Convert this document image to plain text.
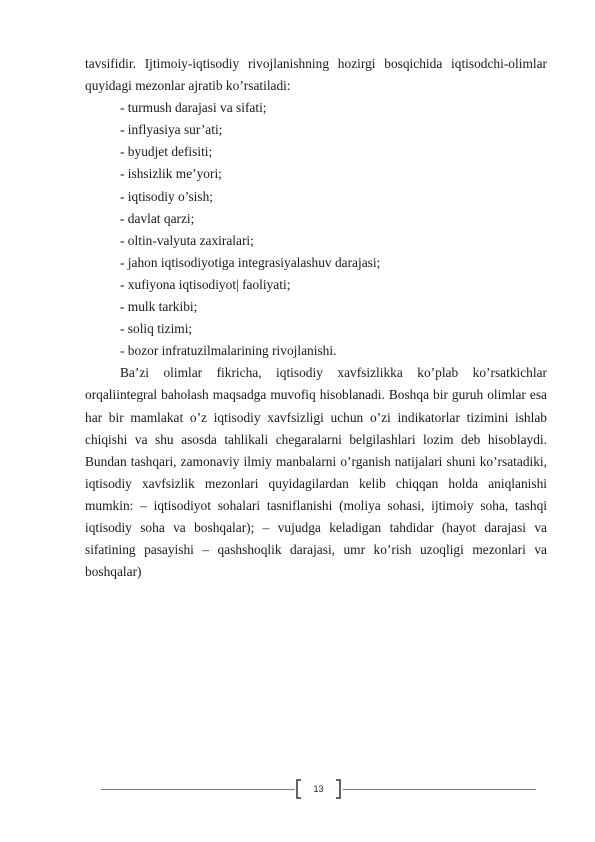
tavsifidir. Ijtimoiy-iqtisodiy rivojlanishning hozirgi bosqichida iqtisodchi-olimlar quyidagi mezonlar ajratib ko’rsatiladi:

- turmush darajasi va sifati;
- inflyasiya sur’ati;
- byudjet defisiti;
- ishsizlik me’yori;
- iqtisodiy o’sish;
- davlat qarzi;
- oltin-valyuta zaxiralari;
- jahon iqtisodiyotiga integrasiyalashuv darajasi;
- xufiyona iqtisodiyot| faoliyati;
- mulk tarkibi;
- soliq tizimi;
- bozor infratuzilmalarining rivojlanishi.

Ba’zi olimlar fikricha, iqtisodiy xavfsizlikka ko’plab ko’rsatkichlar orqaliintegral baholash maqsadga muvofiq hisoblanadi. Boshqa bir guruh olimlar esa har bir mamlakat o’z iqtisodiy xavfsizligi uchun o’zi indikatorlar tizimini ishlab chiqishi va shu asosda tahlikali chegaralarni belgilashlari lozim deb hisoblaydi. Bundan tashqari, zamonaviy ilmiy manbalarni o’rganish natijalari shuni ko’rsatadiki, iqtisodiy xavfsizlik mezonlari quyidagilardan kelib chiqqan holda aniqlanishi mumkin: – iqtisodiyot sohalari tasniflanishi (moliya sohasi, ijtimoiy soha, tashqi iqtisodiy soha va boshqalar); – vujudga keladigan tahdidar (hayot darajasi va sifatining pasayishi – qashshoqlik darajasi, umr ko’rish uzoqligi mezonlari va boshqalar)

13
